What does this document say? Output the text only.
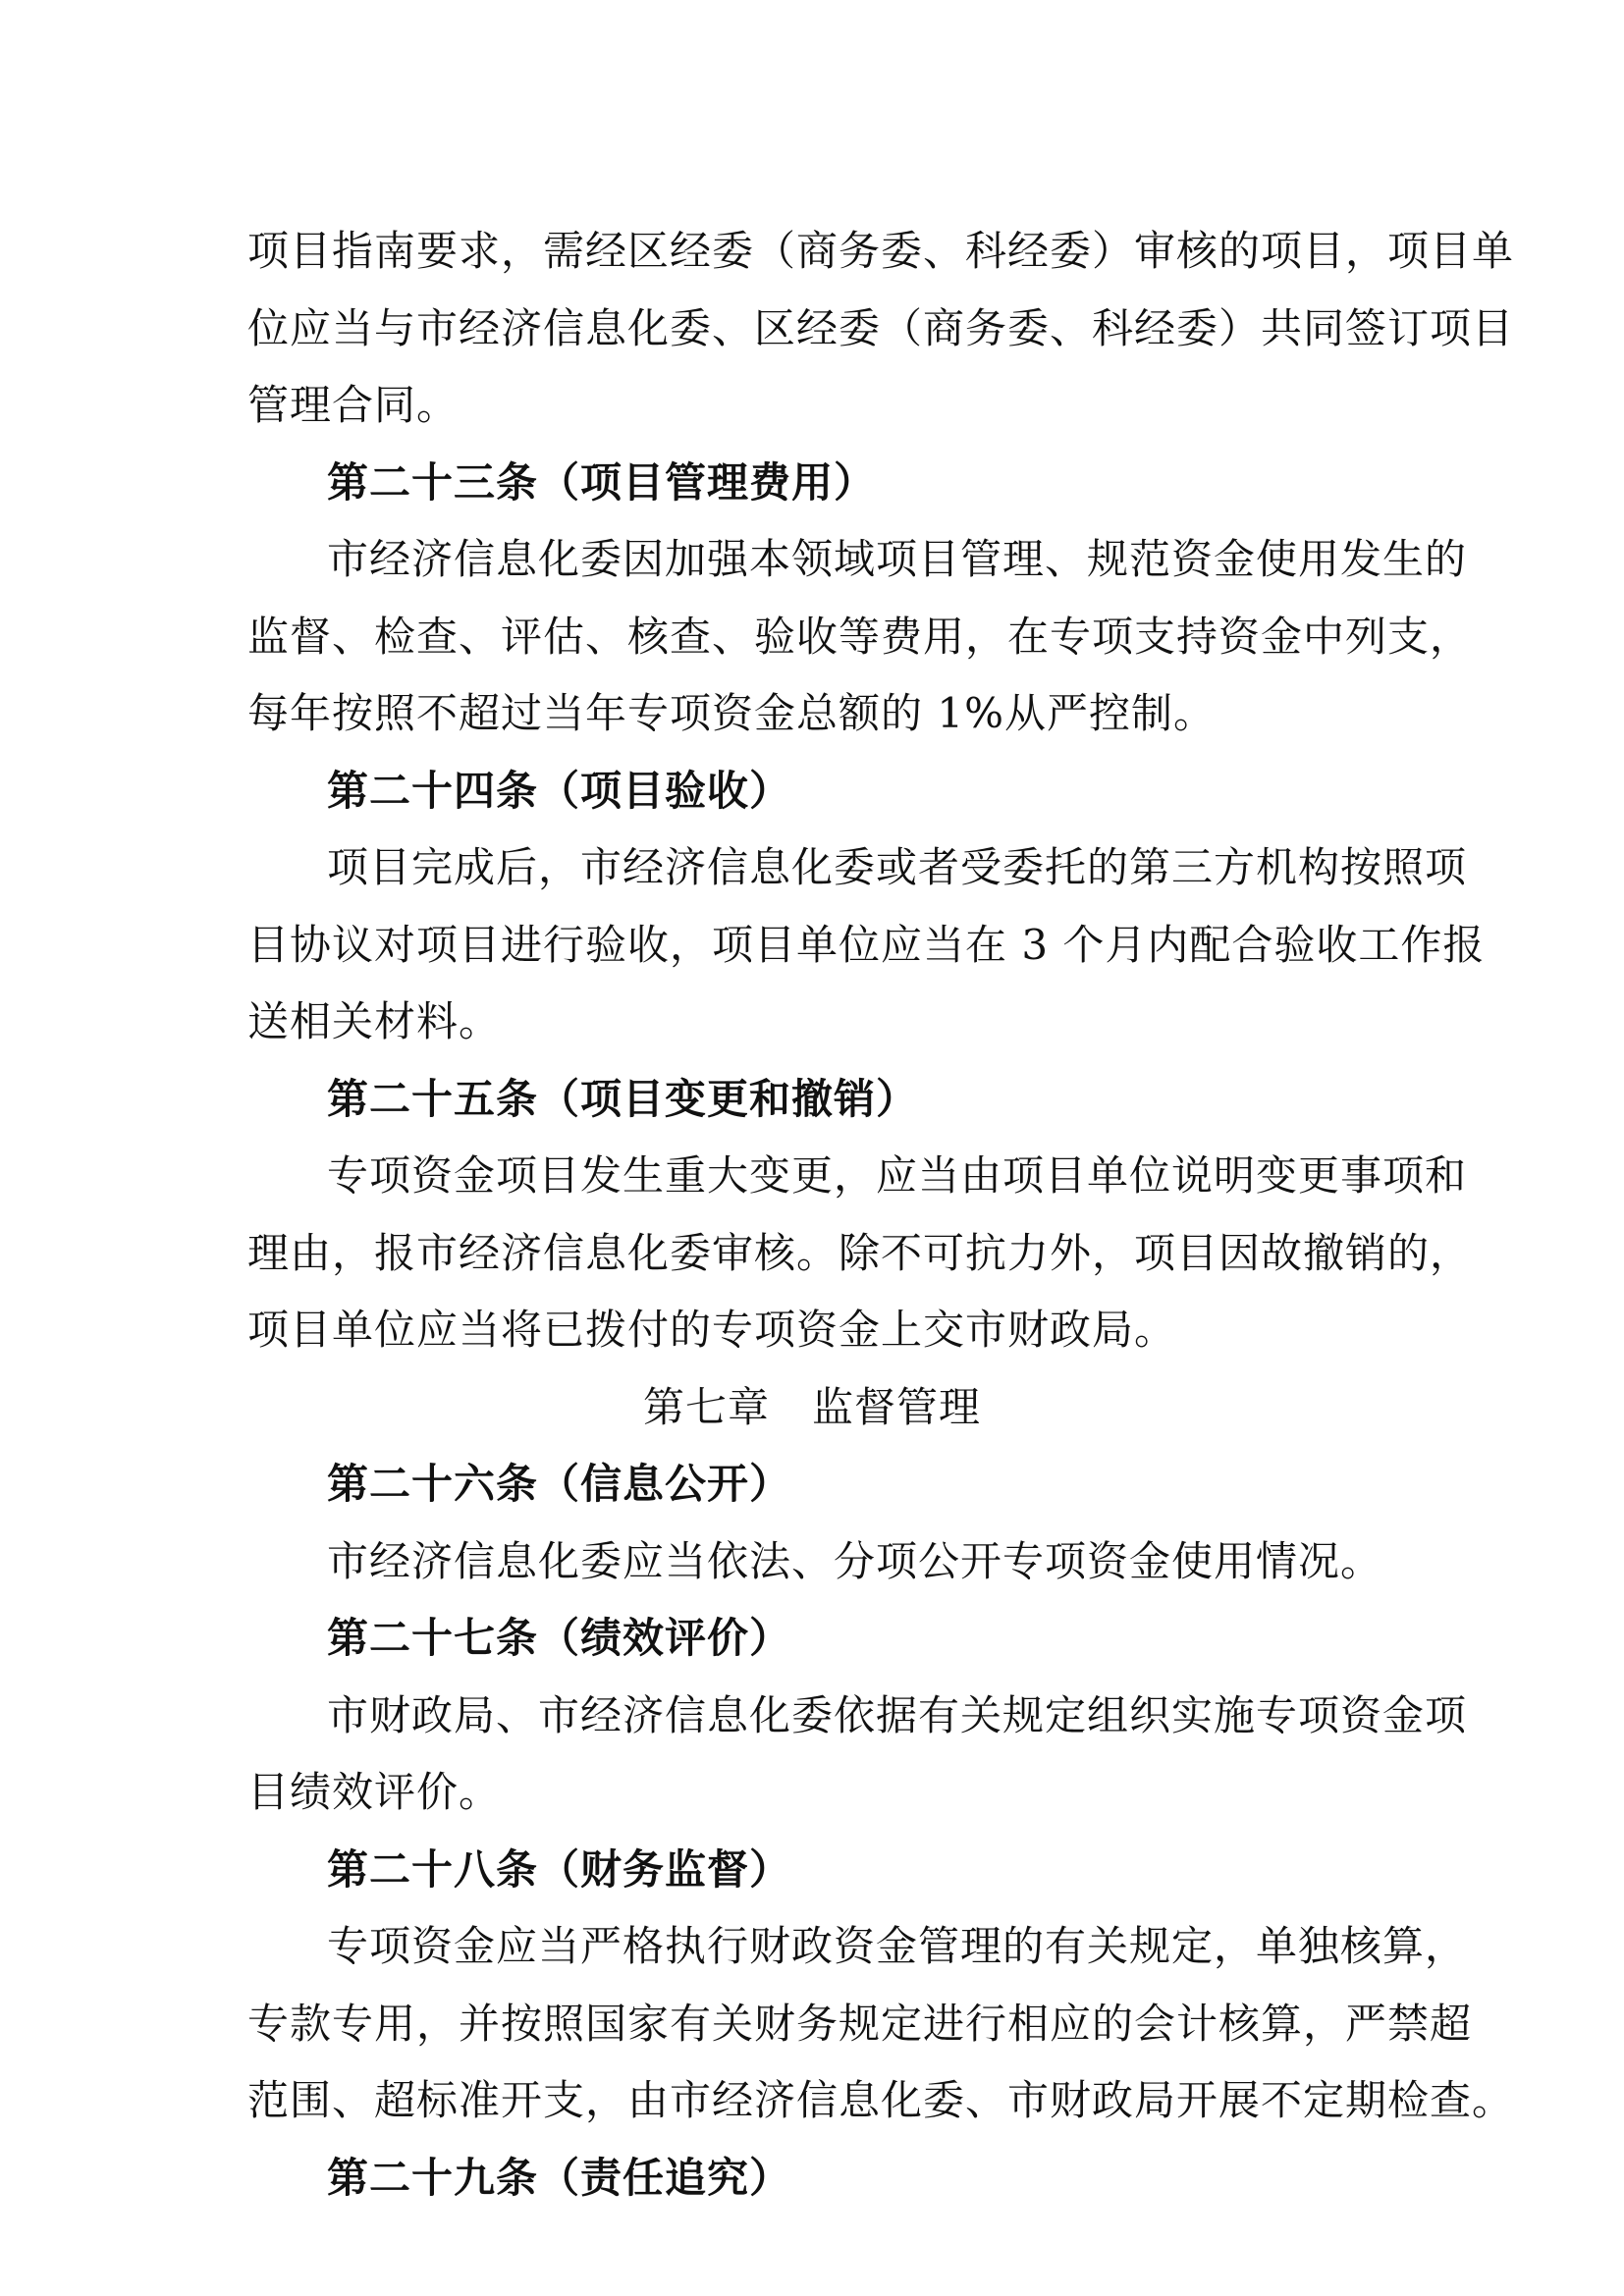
项目指南要求，需经区经委（商务委、科经委）审核的项目，项目单
位应当与市经济信息化委、区经委（商务委、科经委）共同签订项目
管理合同。
第二十三条（项目管理费用）
市经济信息化委因加强本领域项目管理、规范资金使用发生的
监督、检查、评估、核查、验收等费用，在专项支持资金中列支，
每年按照不超过当年专项资金总额的 1%从严控制。
第二十四条（项目验收）
项目完成后，市经济信息化委或者受委托的第三方机构按照项
目协议对项目进行验收，项目单位应当在 3 个月内配合验收工作报
送相关材料。
第二十五条（项目变更和撤销）
专项资金项目发生重大变更，应当由项目单位说明变更事项和
理由，报市经济信息化委审核。除不可抗力外，项目因故撤销的，
项目单位应当将已拨付的专项资金上交市财政局。
第七章　监督管理
第二十六条（信息公开）
市经济信息化委应当依法、分项公开专项资金使用情况。
第二十七条（绩效评价）
市财政局、市经济信息化委依据有关规定组织实施专项资金项
目绩效评价。
第二十八条（财务监督）
专项资金应当严格执行财政资金管理的有关规定，单独核算，
专款专用，并按照国家有关财务规定进行相应的会计核算，严禁超
范围、超标准开支，由市经济信息化委、市财政局开展不定期检查。
第二十九条（责任追究）
